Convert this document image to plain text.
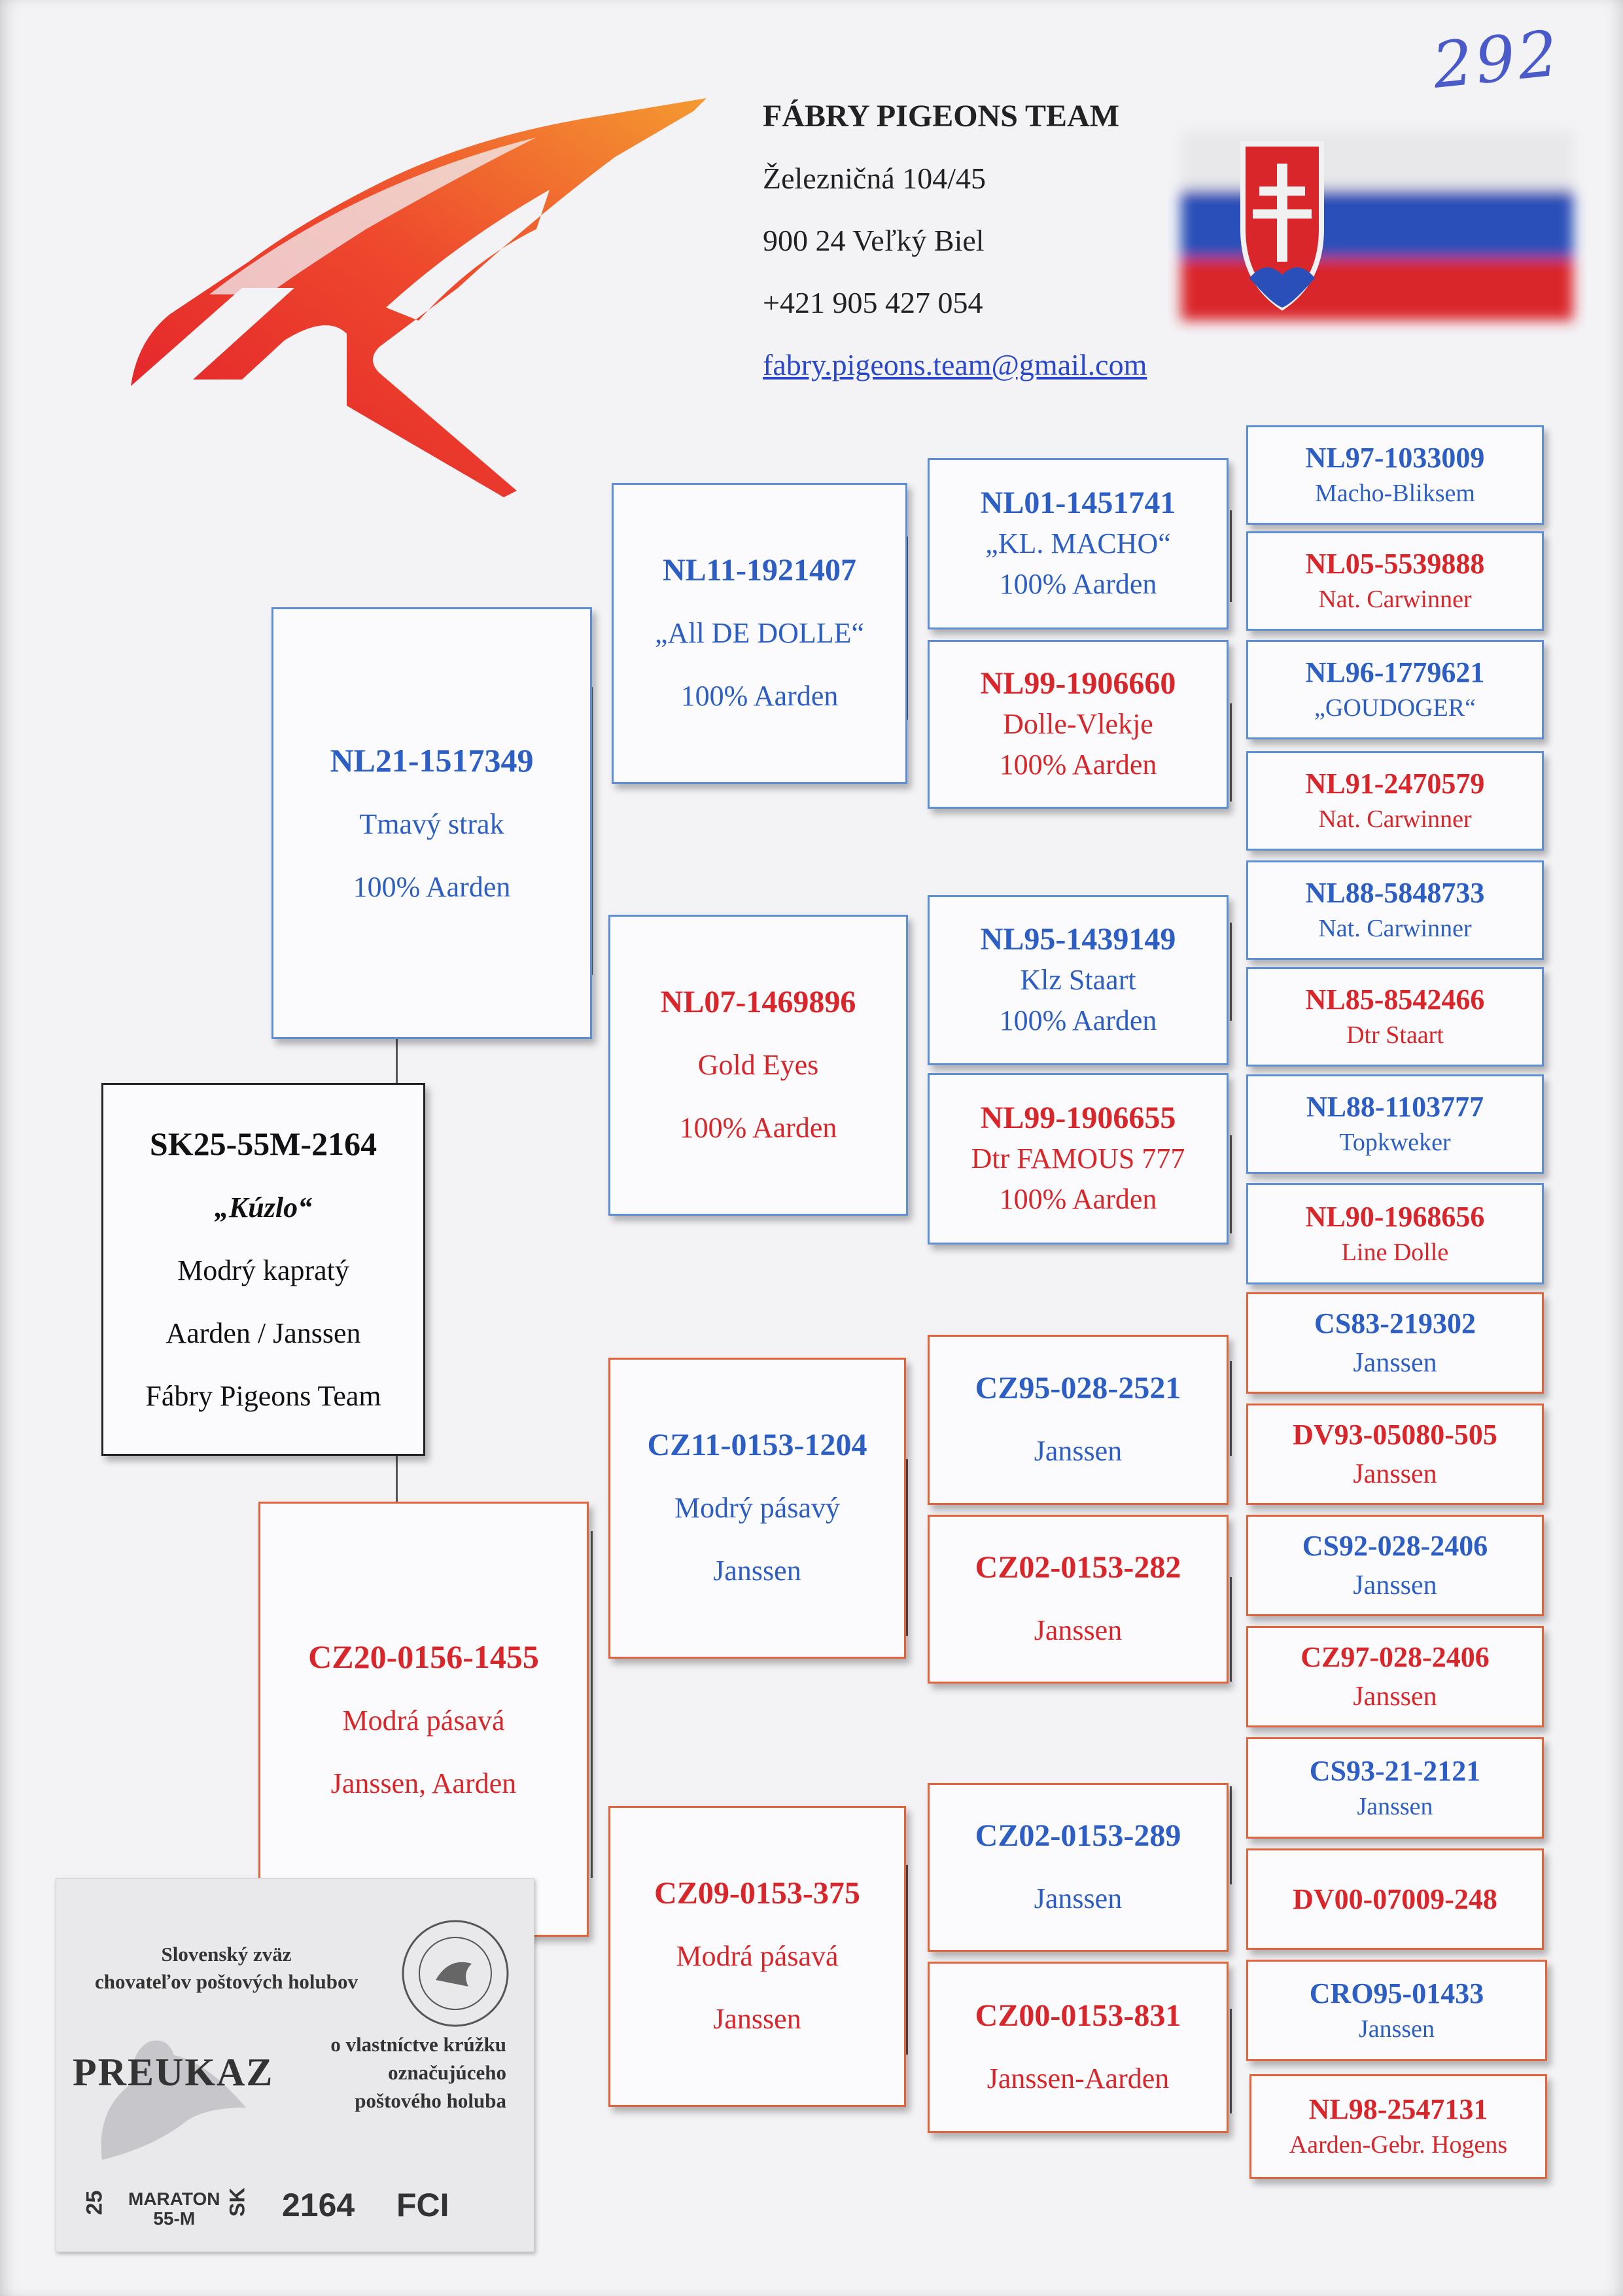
292
FÁBRY PIGEONS TEAM
Železničná 104/45
900 24 Veľký Biel
+421 905 427 054
fabry.pigeons.team@gmail.com
SK25-55M-2164
„Kúzlo“
Modrý kapratý
Aarden / Janssen
Fábry Pigeons Team
NL21-1517349
Tmavý strak
100% Aarden
CZ20-0156-1455
Modrá pásavá
Janssen, Aarden
NL11-1921407
„All DE DOLLE“
100% Aarden
NL07-1469896
Gold Eyes
100% Aarden
CZ11-0153-1204
Modrý pásavý
Janssen
CZ09-0153-375
Modrá pásavá
Janssen
NL01-1451741
„KL. MACHO“
100% Aarden
NL99-1906660
Dolle-Vlekje
100% Aarden
NL95-1439149
Klz Staart
100% Aarden
NL99-1906655
Dtr FAMOUS 777
100% Aarden
CZ95-028-2521
Janssen
CZ02-0153-282
Janssen
CZ02-0153-289
Janssen
CZ00-0153-831
Janssen-Aarden
NL97-1033009
Macho-Bliksem
NL05-5539888
Nat. Carwinner
NL96-1779621
„GOUDOGER“
NL91-2470579
Nat. Carwinner
NL88-5848733
Nat. Carwinner
NL85-8542466
Dtr Staart
NL88-1103777
Topkweker
NL90-1968656
Line Dolle
CS83-219302
Janssen
DV93-05080-505
Janssen
CS92-028-2406
Janssen
CZ97-028-2406
Janssen
CS93-21-2121
Janssen
DV00-07009-248
CRO95-01433
Janssen
NL98-2547131
Aarden-Gebr. Hogens
Slovenský zväz
chovateľov poštových holubov
PREUKAZ
o vlastníctve krúžku
označujúceho
poštového holuba
25 MARATON
55-M
SK 2164 FCI
